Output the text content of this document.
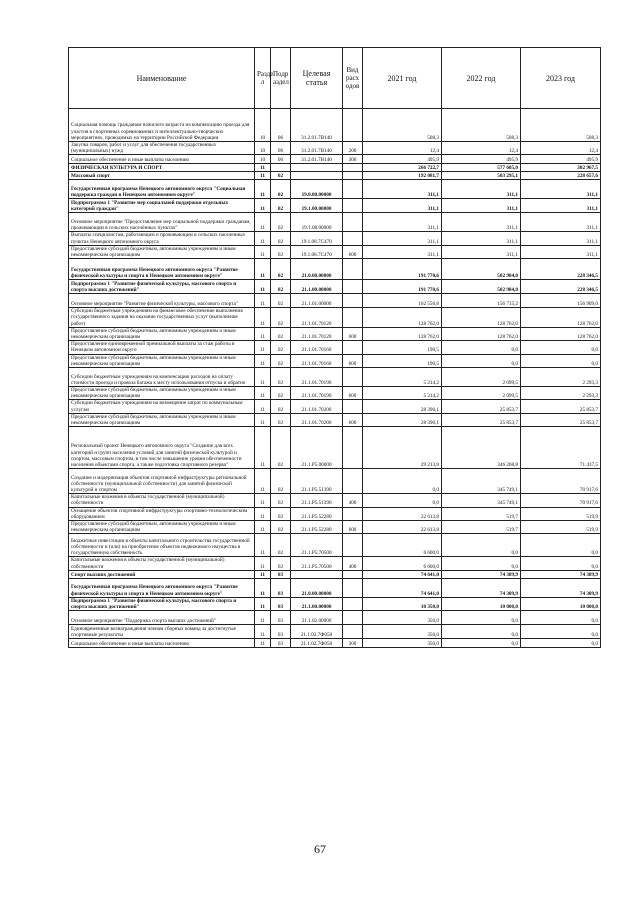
Наименование	Разде л	Подр аздел	Целевая статья	Вид расх одов	2021 год	2022 год	2023 год
Социальная помощь гражданам пожилого возраста на компенсацию проезда для участия в спортивных соревнованиях и интеллектуально-творческих мероприятиях, проводимых на территории Российской Федерации	10	06	31.2.01.7В140		508,3	508,3	508,3
Закупка товаров, работ и услуг для обеспечения государственных (муниципальных) нужд	10	06	31.2.01.7В140	200	12,4	12,4	12,4
Социальное обеспечение и иные выплаты населению	10	06	31.2.01.7В140	300	495,9	495,9	495,9
ФИЗИЧЕСКАЯ КУЛЬТУРА И СПОРТ	11				266 722,7	577 605,0	302 967,5
Массовый спорт	11	02			192 081,7	503 295,1	228 657,6
Государственная программа Ненецкого автономного округа "Социальная поддержка граждан в Ненецком автономном округе"	11	02	19.0.00.00000		311,1	311,1	311,1
Подпрограмма 1 "Развитие мер социальной поддержки отдельных категорий граждан"	11	02	19.1.00.00000		311,1	311,1	311,1
Основное мероприятие "Предоставление мер социальной поддержки гражданам, проживающим в сельских населённых пунктах"	11	02	19.1.08.00000		311,1	311,1	311,1
Выплаты специалистам, работающим и проживающим в сельских населенных пунктах Ненецкого автономного округа	11	02	19.1.08.7С470		311,1	311,1	311,1
Предоставление субсидий бюджетным, автономным учреждениям и иным некоммерческим организациям	11	02	19.1.08.7С470	600	311,1	311,1	311,1
Государственная программа Ненецкого автономного округа "Развитие физической культуры и спорта в Ненецком автономном округе"	11	02	21.0.00.00000		191 770,6	502 984,0	228 346,5
Подпрограмма 1 "Развитие физической культуры, массового спорта и спорта высших достижений"	11	02	21.1.00.00000		191 770,6	502 984,0	228 346,5
Основное мероприятие "Развитие физической культуры, массового спорта"	11	02	21.1.01.00000		162 556,8	156 715,2	156 909,0
Субсидии бюджетным учреждениям на финансовое обеспечение выполнения государственного задания на оказание государственных услуг (выполнение работ)	11	02	21.1.01.70120		128 762,0	128 762,0	128 762,0
Предоставление субсидий бюджетным, автономным учреждениям и иным некоммерческим организациям	11	02	21.1.01.70120	600	128 762,0	128 762,0	128 762,0
Предоставление единовременной премиальной выплаты за стаж работы в Ненецком автономном округе	11	02	21.1.01.70160		190,5	0,0	0,0
Предоставление субсидий бюджетным, автономным учреждениям и иным некоммерческим организациям	11	02	21.1.01.70160	600	190,5	0,0	0,0
Субсидии бюджетным учреждениям на компенсацию расходов на оплату стоимости проезда и провоза багажа к месту использования отпуска и обратно	11	02	21.1.01.70190		5 214,2	2 099,5	2 293,3
Предоставление субсидий бюджетным, автономным учреждениям и иным некоммерческим организациям	11	02	21.1.01.70190	600	5 214,2	2 099,5	2 293,3
Субсидии бюджетным учреждениям на возмещение затрат по коммунальным услугам	11	02	21.1.01.70200		28 390,1	25 853,7	25 853,7
Предоставление субсидий бюджетным, автономным учреждениям и иным некоммерческим организациям	11	02	21.1.01.70200	600	28 390,1	25 853,7	25 853,7
Региональный проект Ненецкого автономного округа "Создание для всех категорий и групп населения условий для занятий физической культурой и спортом, массовым спортом, в том числе повышение уровня обеспеченности населения объектами спорта, а также подготовка спортивного резерва"	11	02	21.1.Р5.00000		29 213,8	346 268,8	71 437,5
Создание и модернизация объектов спортивной инфраструктуры региональной собственности (муниципальной собственности) для занятий физической культурой и спортом	11	02	21.1.Р5.51390		0,0	345 749,1	70 917,6
Капитальные вложения в объекты государственной (муниципальной) собственности	11	02	21.1.Р5.51390	400	0,0	345 749,1	70 917,6
Оснащение объектов спортивной инфраструктуры спортивно-технологическим оборудованием	11	02	21.1.Р5.52280		22 613,8	519,7	519,9
Предоставление субсидий бюджетным, автономным учреждениям и иным некоммерческим организациям	11	02	21.1.Р5.52280	600	22 613,8	519,7	519,9
Бюджетные инвестиции в объекты капитального строительства государственной собственности и (или) на приобретение объектов недвижимого имущества в государственную собственность	11	02	21.1.Р5.70500		6 600,0	0,0	0,0
Капитальные вложения в объекты государственной (муниципальной) собственности	11	02	21.1.Р5.70500	400	6 600,0	0,0	0,0
Спорт высших достижений	11	03			74 641,0	74 309,9	74 309,9
Государственная программа Ненецкого автономного округа "Развитие физической культуры и спорта в Ненецком автономном округе"	11	03	21.0.00.00000		74 641,0	74 309,9	74 309,9
Подпрограмма 1 "Развитие физической культуры, массового спорта и спорта высших достижений"	11	03	21.1.00.00000		10 350,0	10 000,0	10 000,0
Основное мероприятие "Поддержка спорта высших достижений"	11	03	21.1.02.00000		350,0	0,0	0,0
Единовременные вознаграждения членам сборных команд за достигнутые спортивные результаты	11	03	21.1.02.7Ф050		350,0	0,0	0,0
Социальное обеспечение и иные выплаты населению	11	03	21.1.02.7Ф050	300	350,0	0,0	0,0
67
